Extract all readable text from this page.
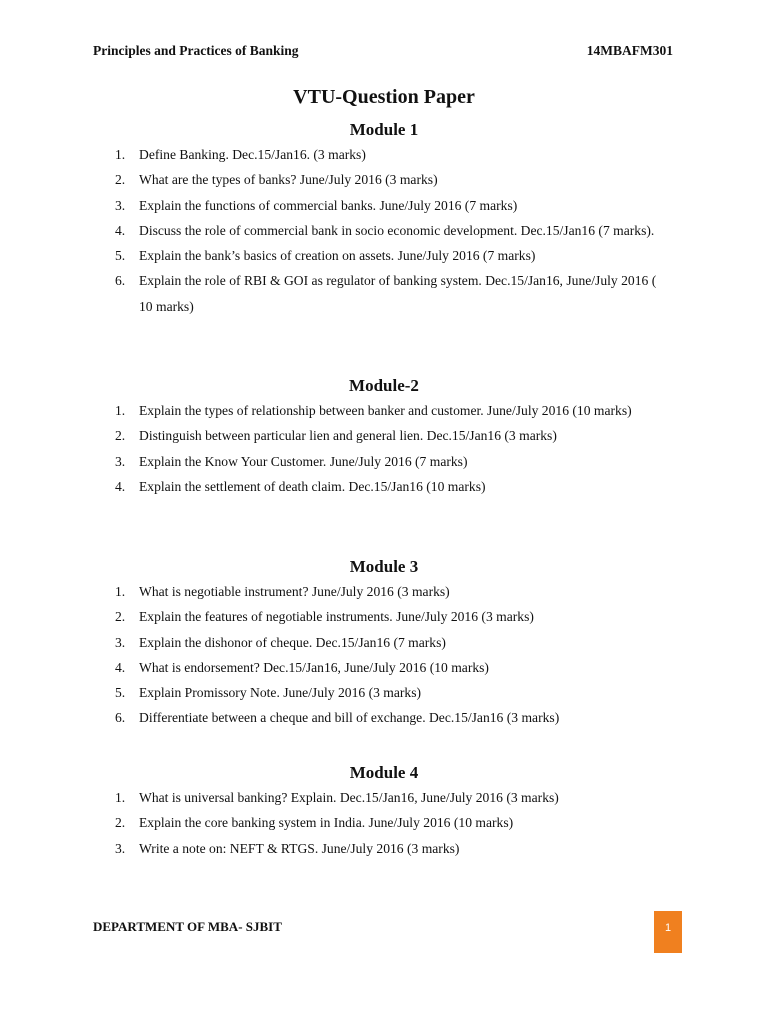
Principles and Practices of Banking	14MBAFM301
VTU-Question Paper
Module 1
1. Define Banking. Dec.15/Jan16. (3 marks)
2. What are the types of banks? June/July 2016 (3 marks)
3. Explain the functions of commercial banks. June/July 2016 (7 marks)
4. Discuss the role of commercial bank in socio economic development. Dec.15/Jan16 (7 marks).
5. Explain the bank’s basics of creation on assets. June/July 2016 (7 marks)
6. Explain the role of RBI & GOI as regulator of banking system. Dec.15/Jan16, June/July 2016 ( 10 marks)
Module-2
1. Explain the types of relationship between banker and customer. June/July 2016 (10 marks)
2. Distinguish between particular lien and general lien. Dec.15/Jan16 (3 marks)
3. Explain the Know Your Customer. June/July 2016 (7 marks)
4. Explain the settlement of death claim. Dec.15/Jan16 (10 marks)
Module 3
1. What is negotiable instrument? June/July 2016 (3 marks)
2. Explain the features of negotiable instruments. June/July 2016 (3 marks)
3. Explain the dishonor of cheque. Dec.15/Jan16 (7 marks)
4. What is endorsement? Dec.15/Jan16, June/July 2016 (10 marks)
5. Explain Promissory Note. June/July 2016 (3 marks)
6. Differentiate between a cheque and bill of exchange. Dec.15/Jan16 (3 marks)
Module 4
1. What is universal banking? Explain. Dec.15/Jan16, June/July 2016 (3 marks)
2. Explain the core banking system in India. June/July 2016 (10 marks)
3. Write a note on: NEFT & RTGS. June/July 2016 (3 marks)
DEPARTMENT OF MBA- SJBIT	1
